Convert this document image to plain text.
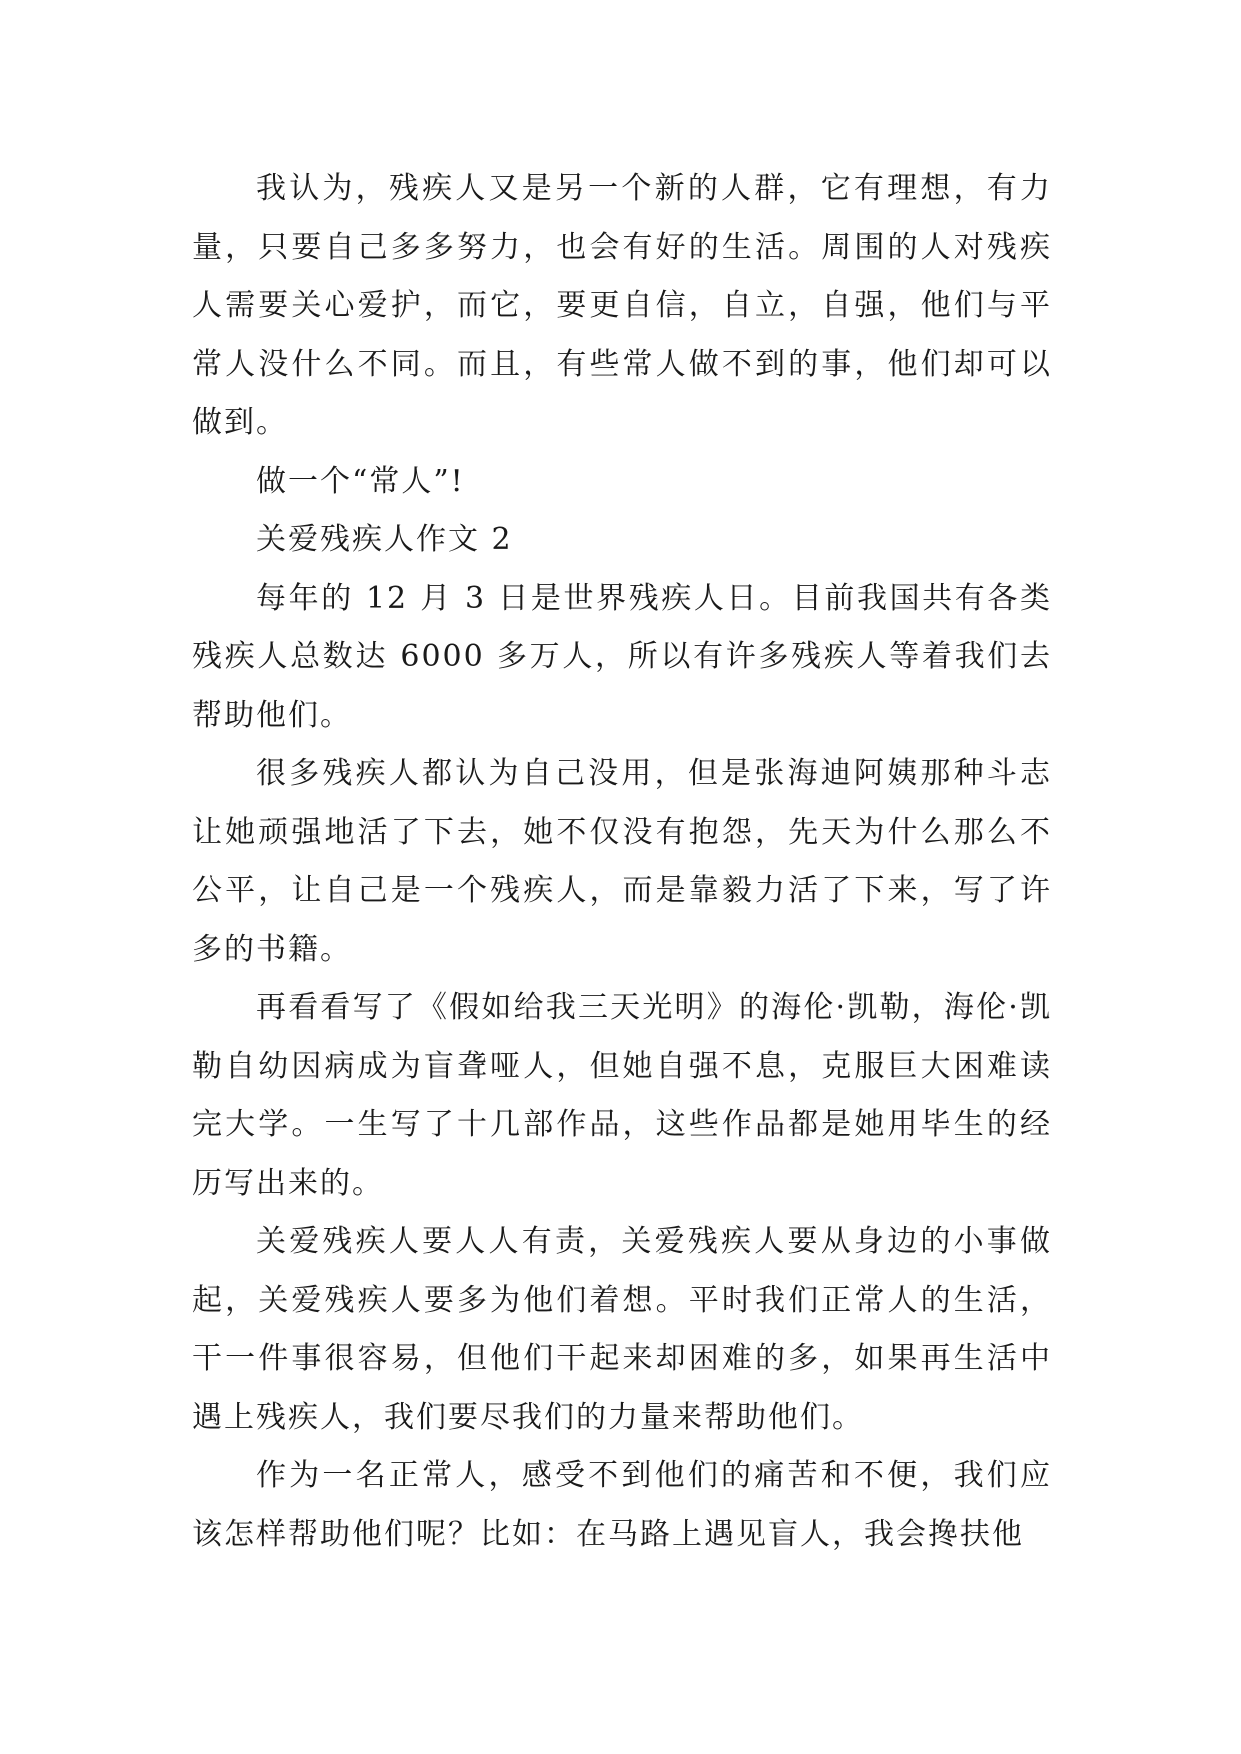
我认为，残疾人又是另一个新的人群，它有理想，有力量，只要自己多多努力，也会有好的生活。周围的人对残疾人需要关心爱护，而它，要更自信，自立，自强，他们与平常人没什么不同。而且，有些常人做不到的事，他们却可以做到。

做一个“常人”!

关爱残疾人作文 2

每年的 12 月 3 日是世界残疾人日。目前我国共有各类残疾人总数达 6000 多万人，所以有许多残疾人等着我们去帮助他们。

很多残疾人都认为自己没用，但是张海迪阿姨那种斗志让她顽强地活了下去，她不仅没有抱怨，先天为什么那么不公平，让自己是一个残疾人，而是靠毅力活了下来，写了许多的书籍。

再看看写了《假如给我三天光明》的海伦·凯勒，海伦·凯勒自幼因病成为盲聋哑人，但她自强不息，克服巨大困难读完大学。一生写了十几部作品，这些作品都是她用毕生的经历写出来的。

关爱残疾人要人人有责，关爱残疾人要从身边的小事做起，关爱残疾人要多为他们着想。平时我们正常人的生活，干一件事很容易，但他们干起来却困难的多，如果再生活中遇上残疾人，我们要尽我们的力量来帮助他们。

作为一名正常人，感受不到他们的痛苦和不便，我们应该怎样帮助他们呢？比如：在马路上遇见盲人，我会搀扶他
